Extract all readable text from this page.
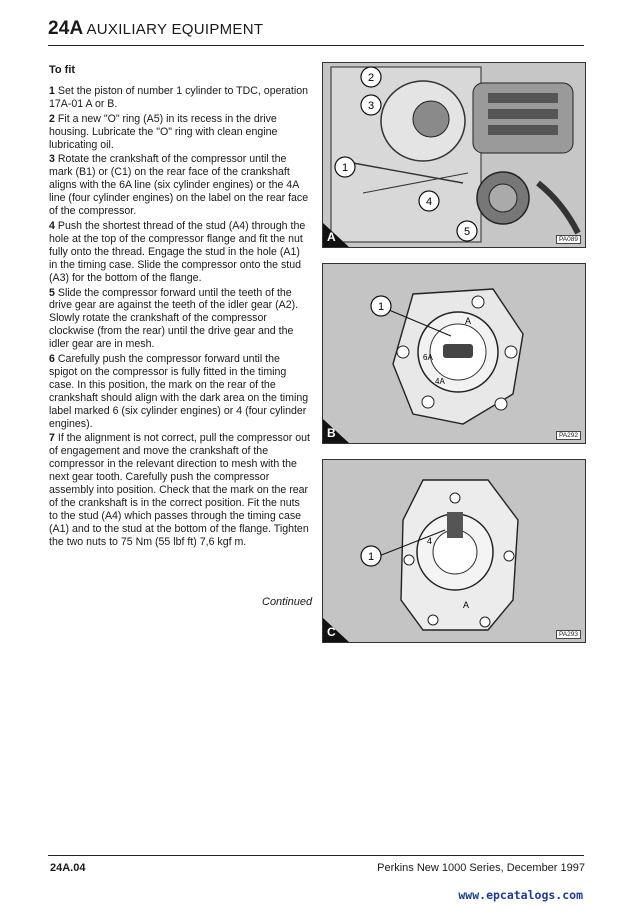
24A AUXILIARY EQUIPMENT
To fit

1 Set the piston of number 1 cylinder to TDC, operation 17A-01 A or B.

2 Fit a new "O" ring (A5) in its recess in the drive housing. Lubricate the "O" ring with clean engine lubricating oil.

3 Rotate the crankshaft of the compressor until the mark (B1) or (C1) on the rear face of the crankshaft aligns with the 6A line (six cylinder engines) or the 4A line (four cylinder engines) on the label on the rear face of the compressor.

4 Push the shortest thread of the stud (A4) through the hole at the top of the compressor flange and fit the nut fully onto the thread. Engage the stud in the hole (A1) in the timing case. Slide the compressor onto the stud (A3) for the bottom of the flange.

5 Slide the compressor forward until the teeth of the drive gear are against the teeth of the idler gear (A2). Slowly rotate the crankshaft of the compressor clockwise (from the rear) until the drive gear and the idler gear are in mesh.

6 Carefully push the compressor forward until the spigot on the compressor is fully fitted in the timing case. In this position, the mark on the rear of the crankshaft should align with the dark area on the timing label marked 6 (six cylinder engines) or 4 (four cylinder engines).

7 If the alignment is not correct, pull the compressor out of engagement and move the crankshaft of the compressor in the relevant direction to mesh with the next gear tooth. Carefully push the compressor assembly into position. Check that the mark on the rear of the crankshaft is in the correct position. Fit the nuts to the stud (A4) which passes through the timing case (A1) and to the stud at the bottom of the flange. Tighten the two nuts to 75 Nm (55 lbf ft) 7,6 kgf m.

Continued
2
3
1
4
5
A	PA089
A
6A
4A
1
B	PA292
A
4
1
C	PA293
24A.04	Perkins New 1000 Series, December 1997
www.epcatalogs.com
